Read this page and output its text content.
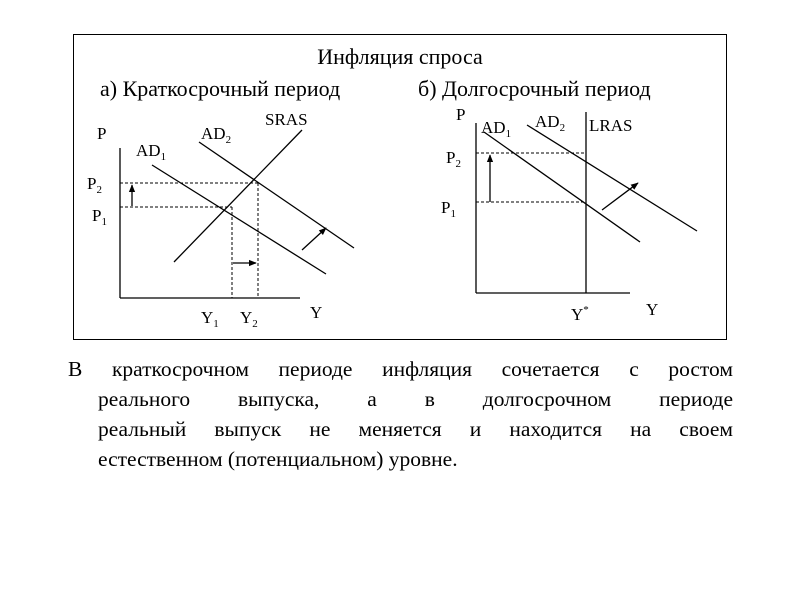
Инфляция спроса
а) Краткосрочный период	б) Долгосрочный период
P
Y
$AD_1$
$AD_2$
SRAS
$P_2$
$P_1$
$Y_1$ $Y_2$
P
Y
$AD_1$
$AD_2$ LRAS
$P_2$
$P_1$
Y*
В краткосрочном периоде инфляция сочетается с ростом
реального выпуска, а в долгосрочном периоде
реальный выпуск не меняется и находится на своем
естественном (потенциальном) уровне.
